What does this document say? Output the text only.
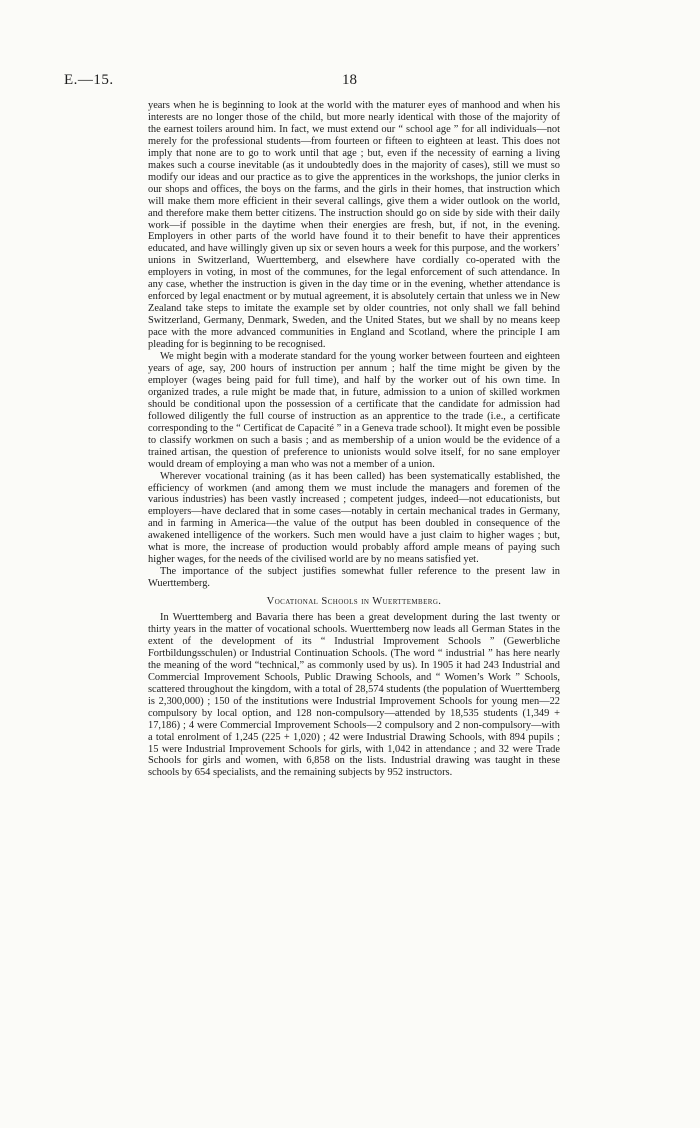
E.—15.	18

years when he is beginning to look at the world with the maturer eyes of manhood and when his interests are no longer those of the child, but more nearly identical with those of the majority of the earnest toilers around him. In fact, we must extend our “ school age ” for all individuals—not merely for the professional students—from fourteen or fifteen to eighteen at least. This does not imply that none are to go to work until that age ; but, even if the necessity of earning a living makes such a course inevitable (as it undoubtedly does in the majority of cases), still we must so modify our ideas and our practice as to give the apprentices in the workshops, the junior clerks in our shops and offices, the boys on the farms, and the girls in their homes, that instruction which will make them more efficient in their several callings, give them a wider outlook on the world, and therefore make them better citizens. The instruction should go on side by side with their daily work—if possible in the daytime when their energies are fresh, but, if not, in the evening. Employers in other parts of the world have found it to their benefit to have their apprentices educated, and have willingly given up six or seven hours a week for this purpose, and the workers’ unions in Switzerland, Wuerttemberg, and elsewhere have cordially co-operated with the employers in voting, in most of the communes, for the legal enforcement of such attendance. In any case, whether the instruction is given in the day time or in the evening, whether attendance is enforced by legal enactment or by mutual agreement, it is absolutely certain that unless we in New Zealand take steps to imitate the example set by older countries, not only shall we fall behind Switzerland, Germany, Denmark, Sweden, and the United States, but we shall by no means keep pace with the more advanced communities in England and Scotland, where the principle I am pleading for is beginning to be recognised.

We might begin with a moderate standard for the young worker between fourteen and eighteen years of age, say, 200 hours of instruction per annum ; half the time might be given by the employer (wages being paid for full time), and half by the worker out of his own time. In organized trades, a rule might be made that, in future, admission to a union of skilled workmen should be conditional upon the possession of a certificate that the candidate for admission had followed diligently the full course of instruction as an apprentice to the trade (i.e., a certificate corresponding to the “ Certificat de Capacité ” in a Geneva trade school). It might even be possible to classify workmen on such a basis ; and as membership of a union would be the evidence of a trained artisan, the question of preference to unionists would solve itself, for no sane employer would dream of employing a man who was not a member of a union.

Wherever vocational training (as it has been called) has been systematically established, the efficiency of workmen (and among them we must include the managers and foremen of the various industries) has been vastly increased ; competent judges, indeed—not educationists, but employers—have declared that in some cases—notably in certain mechanical trades in Germany, and in farming in America—the value of the output has been doubled in consequence of the awakened intelligence of the workers. Such men would have a just claim to higher wages ; but, what is more, the increase of production would probably afford ample means of paying such higher wages, for the needs of the civilised world are by no means satisfied yet.

The importance of the subject justifies somewhat fuller reference to the present law in Wuerttemberg.

Vocational Schools in Wuerttemberg.

In Wuerttemberg and Bavaria there has been a great development during the last twenty or thirty years in the matter of vocational schools. Wuerttemberg now leads all German States in the extent of the development of its “ Industrial Improvement Schools ” (Gewerbliche Fortbildungsschulen) or Industrial Continuation Schools. (The word “ industrial ” has here nearly the meaning of the word “technical,” as commonly used by us). In 1905 it had 243 Industrial and Commercial Improvement Schools, Public Drawing Schools, and “ Women’s Work ” Schools, scattered throughout the kingdom, with a total of 28,574 students (the population of Wuerttemberg is 2,300,000) ; 150 of the institutions were Industrial Improvement Schools for young men—22 compulsory by local option, and 128 non-compulsory—attended by 18,535 students (1,349 + 17,186) ; 4 were Commercial Improvement Schools—2 compulsory and 2 non-compulsory—with a total enrolment of 1,245 (225 + 1,020) ; 42 were Industrial Drawing Schools, with 894 pupils ; 15 were Industrial Improvement Schools for girls, with 1,042 in attendance ; and 32 were Trade Schools for girls and women, with 6,858 on the lists. Industrial drawing was taught in these schools by 654 specialists, and the remaining subjects by 952 instructors.
